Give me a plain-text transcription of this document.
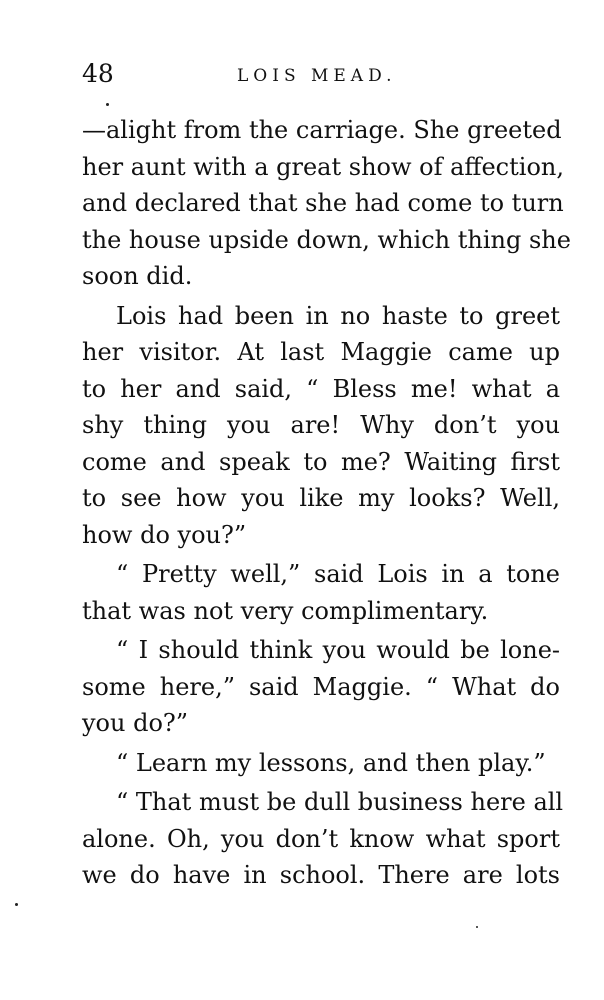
48	LOIS MEAD.
—alight from the carriage. She greeted
her aunt with a great show of affection,
and declared that she had come to turn
the house upside down, which thing she
soon did.
Lois had been in no haste to greet
her visitor. At last Maggie came up
to her and said, “ Bless me! what a
shy thing you are! Why don’t you
come and speak to me? Waiting first
to see how you like my looks? Well,
how do you?”
“ Pretty well,” said Lois in a tone
that was not very complimentary.
“ I should think you would be lone-
some here,” said Maggie. “ What do
you do?”
“ Learn my lessons, and then play.”
“ That must be dull business here all
alone. Oh, you don’t know what sport
we do have in school. There are lots
